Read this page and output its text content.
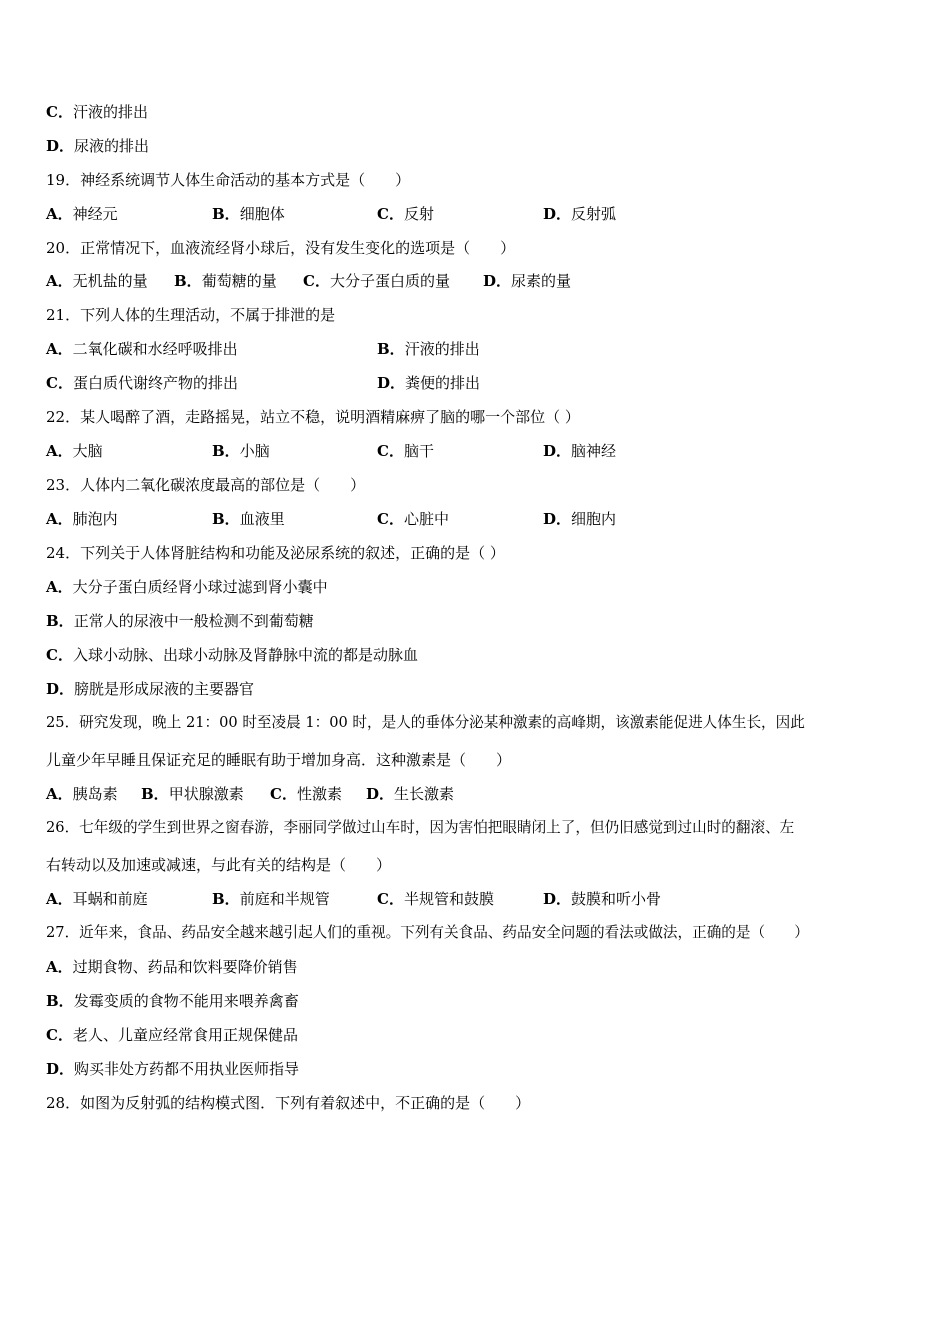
C．汗液的排出
D．尿液的排出
19．神经系统调节人体生命活动的基本方式是（　　）
A．神经元	B．细胞体	C．反射	D．反射弧
20．正常情况下，血液流经肾小球后，没有发生变化的选项是（　　）
A．无机盐的量 B．葡萄糖的量 C．大分子蛋白质的量 D．尿素的量
21．下列人体的生理活动，不属于排泄的是
A．二氧化碳和水经呼吸排出	B．汗液的排出
C．蛋白质代谢终产物的排出	D．粪便的排出
22．某人喝醉了酒，走路摇晃，站立不稳，说明酒精麻痹了脑的哪一个部位（ ）
A．大脑	B．小脑	C．脑干	D．脑神经
23．人体内二氧化碳浓度最高的部位是（　　）
A．肺泡内	B．血液里	C．心脏中	D．细胞内
24．下列关于人体肾脏结构和功能及泌尿系统的叙述，正确的是（ ）
A．大分子蛋白质经肾小球过滤到肾小囊中
B．正常人的尿液中一般检测不到葡萄糖
C．入球小动脉、出球小动脉及肾静脉中流的都是动脉血
D．膀胱是形成尿液的主要器官
25．研究发现，晚上 21：00 时至凌晨 1：00 时，是人的垂体分泌某种激素的高峰期，该激素能促进人体生长，因此
儿童少年早睡且保证充足的睡眠有助于增加身高．这种激素是（　　）
A．胰岛素 B．甲状腺激素 C．性激素 D．生长激素
26．七年级的学生到世界之窗春游，李丽同学做过山车时，因为害怕把眼睛闭上了，但仍旧感觉到过山时的翻滚、左
右转动以及加速或减速，与此有关的结构是（　　）
A．耳蜗和前庭	B．前庭和半规管	C．半规管和鼓膜	D．鼓膜和听小骨
27．近年来，食品、药品安全越来越引起人们的重视。下列有关食品、药品安全问题的看法或做法，正确的是（　　）
A．过期食物、药品和饮料要降价销售
B．发霉变质的食物不能用来喂养禽畜
C．老人、儿童应经常食用正规保健品
D．购买非处方药都不用执业医师指导
28．如图为反射弧的结构模式图．下列有着叙述中，不正确的是（　　）
